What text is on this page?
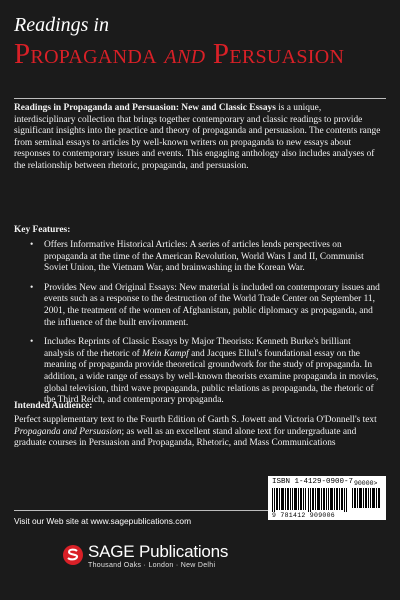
Readings in
Propaganda and Persuasion

Readings in Propaganda and Persuasion: New and Classic Essays is a unique, interdisciplinary collection that brings together contemporary and classic readings to provide significant insights into the practice and theory of propaganda and persuasion. The contents range from seminal essays to articles by well-known writers on propaganda to new essays about responses to contemporary issues and events. This engaging anthology also includes analyses of the relationship between rhetoric, propaganda, and persuasion.

Key Features:
• Offers Informative Historical Articles: A series of articles lends perspectives on propaganda at the time of the American Revolution, World Wars I and II, Communist Soviet Union, the Vietnam War, and brainwashing in the Korean War.
• Provides New and Original Essays: New material is included on contemporary issues and events such as a response to the destruction of the World Trade Center on September 11, 2001, the treatment of the women of Afghanistan, public diplomacy as propaganda, and the influence of the built environment.
• Includes Reprints of Classic Essays by Major Theorists: Kenneth Burke's brilliant analysis of the rhetoric of Mein Kampf and Jacques Ellul's foundational essay on the meaning of propaganda provide theoretical groundwork for the study of propaganda. In addition, a wide range of essays by well-known theorists examine propaganda in movies, global television, third wave propaganda, public relations as propaganda, the rhetoric of the Third Reich, and contemporary propaganda.
Intended Audience:

Perfect supplementary text to the Fourth Edition of Garth S. Jowett and Victoria O'Donnell's text Propaganda and Persuasion; as well as an excellent stand alone text for undergraduate and graduate courses in Persuasion and Propaganda, Rhetoric, and Mass Communications

ISBN 1-4129-0900-7 90000>
9 781412 909006
Visit our Web site at www.sagepublications.com
SAGE Publications
Thousand Oaks · London · New Delhi
